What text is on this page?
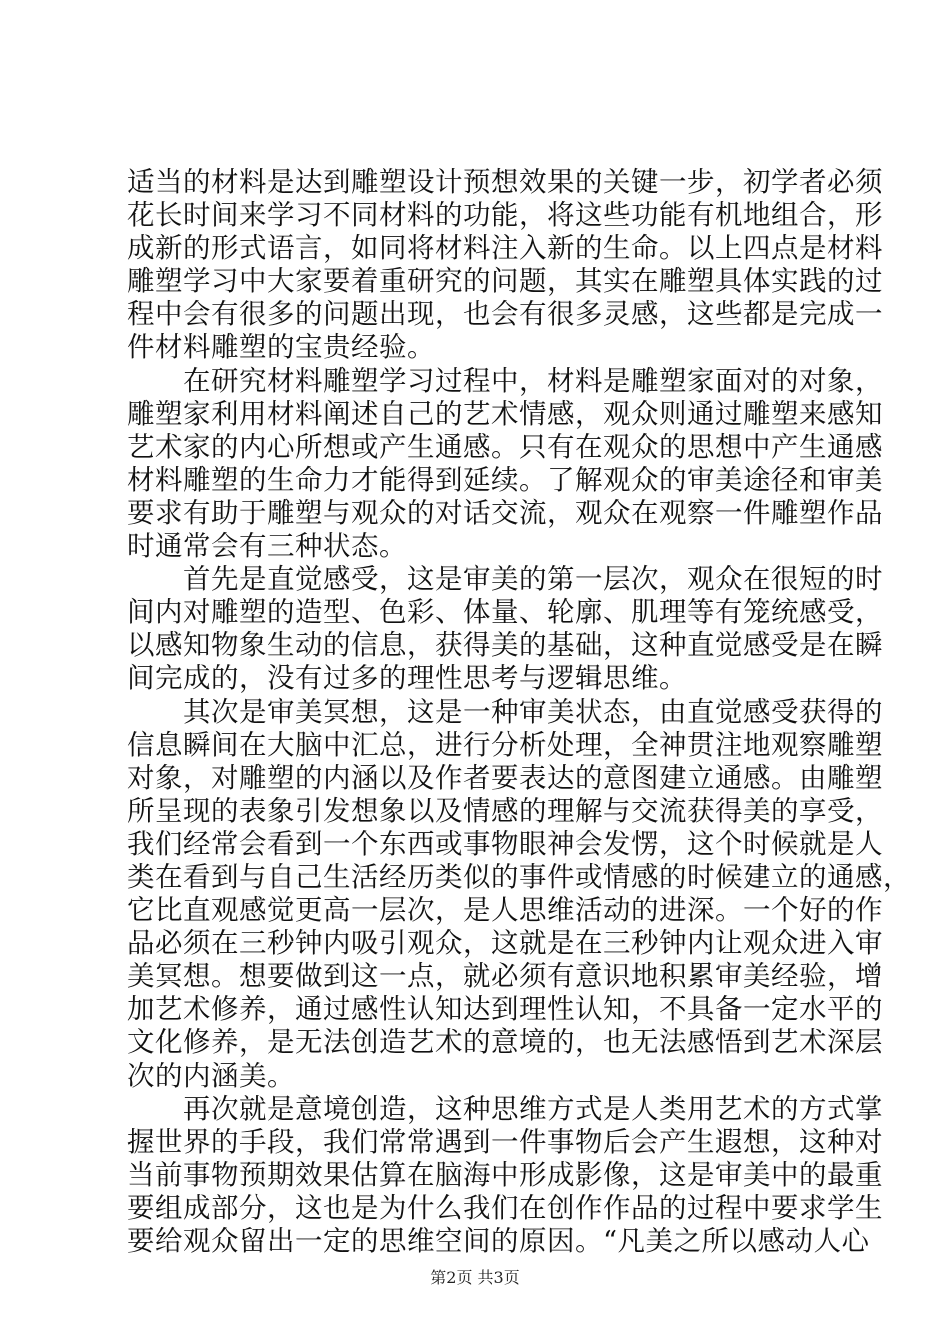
适当的材料是达到雕塑设计预想效果的关键一步，初学者必须
花长时间来学习不同材料的功能，将这些功能有机地组合，形
成新的形式语言，如同将材料注入新的生命。以上四点是材料
雕塑学习中大家要着重研究的问题，其实在雕塑具体实践的过
程中会有很多的问题出现，也会有很多灵感，这些都是完成一
件材料雕塑的宝贵经验。
　　在研究材料雕塑学习过程中，材料是雕塑家面对的对象，
雕塑家利用材料阐述自己的艺术情感，观众则通过雕塑来感知
艺术家的内心所想或产生通感。只有在观众的思想中产生通感
材料雕塑的生命力才能得到延续。了解观众的审美途径和审美
要求有助于雕塑与观众的对话交流，观众在观察一件雕塑作品
时通常会有三种状态。
　　首先是直觉感受，这是审美的第一层次，观众在很短的时
间内对雕塑的造型、色彩、体量、轮廓、肌理等有笼统感受，
以感知物象生动的信息，获得美的基础，这种直觉感受是在瞬
间完成的，没有过多的理性思考与逻辑思维。
　　其次是审美冥想，这是一种审美状态，由直觉感受获得的
信息瞬间在大脑中汇总，进行分析处理，全神贯注地观察雕塑
对象，对雕塑的内涵以及作者要表达的意图建立通感。由雕塑
所呈现的表象引发想象以及情感的理解与交流获得美的享受，
我们经常会看到一个东西或事物眼神会发愣，这个时候就是人
类在看到与自己生活经历类似的事件或情感的时候建立的通感，
它比直观感觉更高一层次，是人思维活动的进深。一个好的作
品必须在三秒钟内吸引观众，这就是在三秒钟内让观众进入审
美冥想。想要做到这一点，就必须有意识地积累审美经验，增
加艺术修养，通过感性认知达到理性认知，不具备一定水平的
文化修养，是无法创造艺术的意境的，也无法感悟到艺术深层
次的内涵美。
　　再次就是意境创造，这种思维方式是人类用艺术的方式掌
握世界的手段，我们常常遇到一件事物后会产生遐想，这种对
当前事物预期效果估算在脑海中形成影像，这是审美中的最重
要组成部分，这也是为什么我们在创作作品的过程中要求学生
要给观众留出一定的思维空间的原因。“凡美之所以感动人心
第2页 共3页
